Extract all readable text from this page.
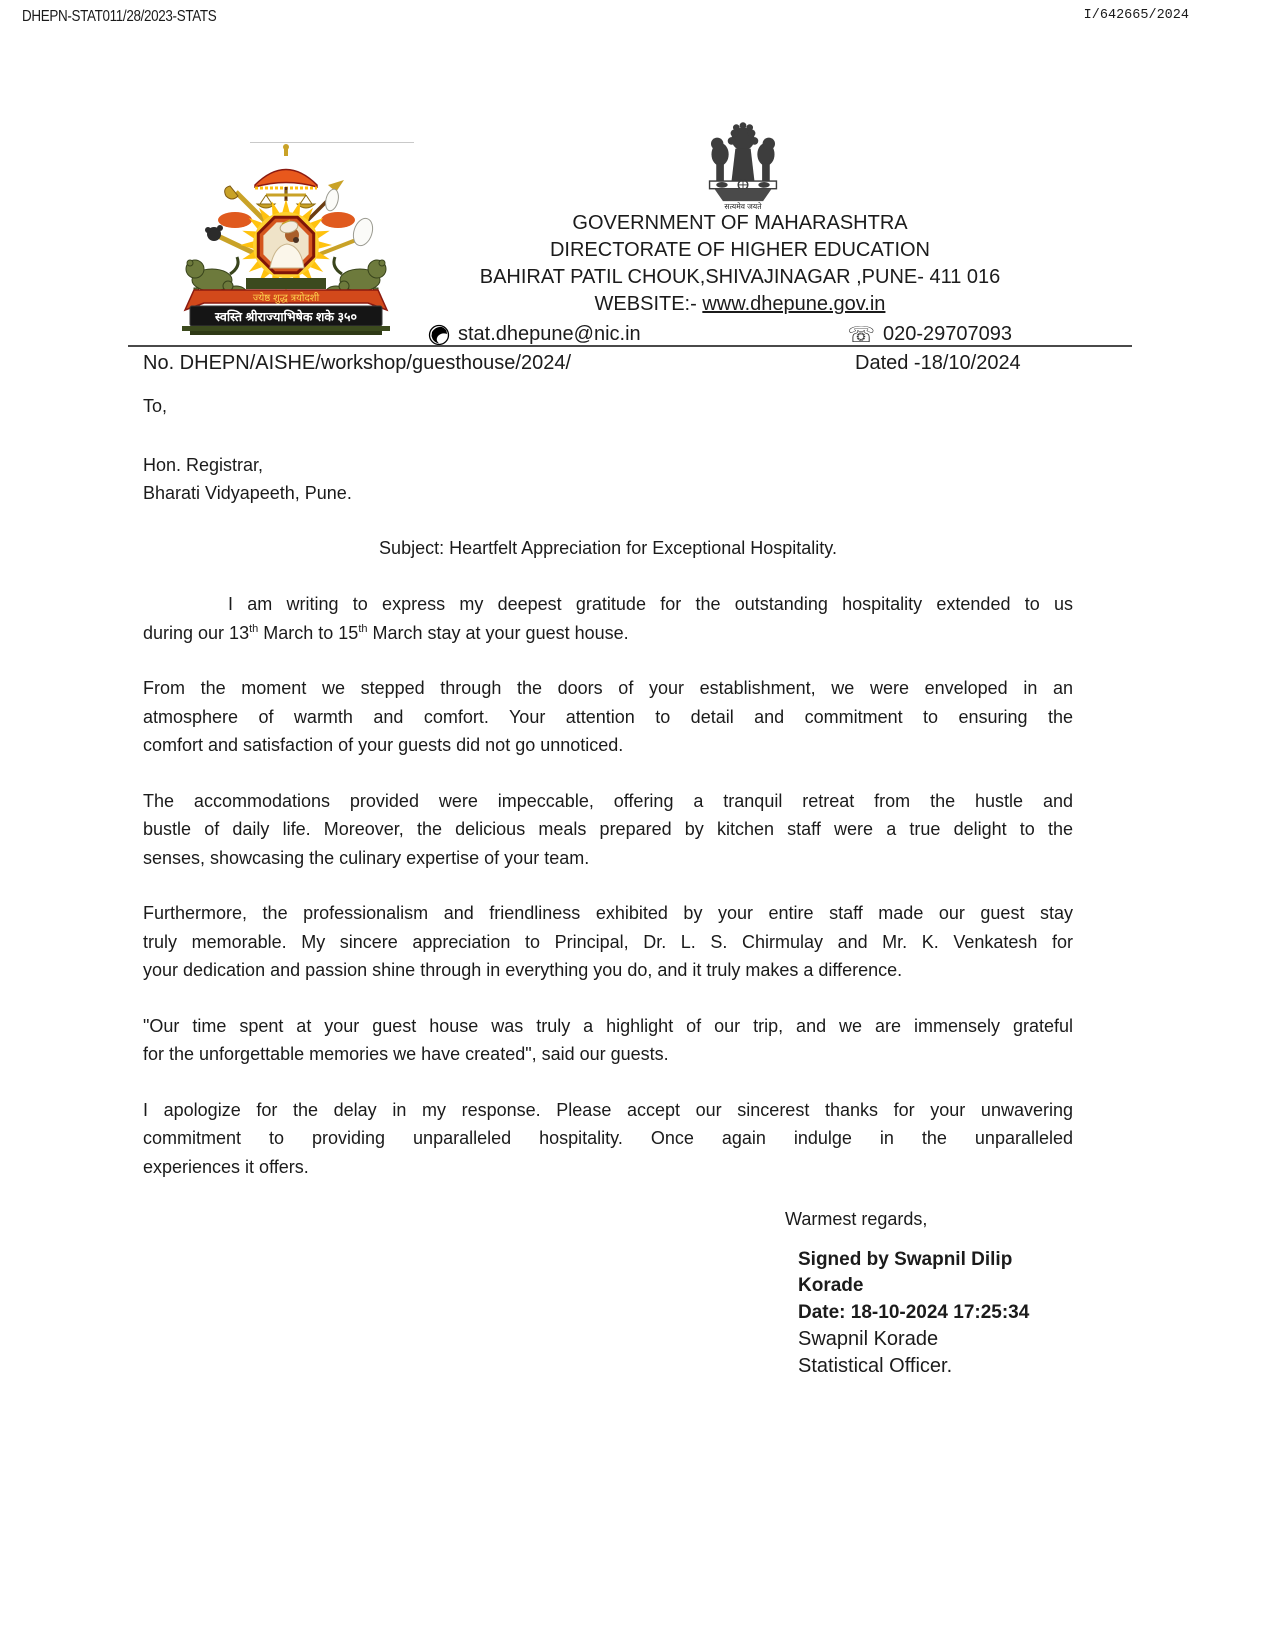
DHEPN-STAT011/28/2023-STATS	I/642665/2024
ज्येष्ठ शुद्ध त्रयोदशी
स्वस्ति श्रीराज्याभिषेक शके ३५०
सत्यमेव जयते
GOVERNMENT OF MAHARASHTRA
DIRECTORATE OF HIGHER EDUCATION
BAHIRAT PATIL CHOUK,SHIVAJINAGAR ,PUNE- 411 016
WEBSITE:- www.dhepune.gov.in
stat.dhepune@nic.in	☏ 020-29707093
No. DHEPN/AISHE/workshop/guesthouse/2024/	Dated -18/10/2024
To,
Hon. Registrar,
Bharati Vidyapeeth, Pune.
Subject: Heartfelt Appreciation for Exceptional Hospitality.
I am writing to express my deepest gratitude for the outstanding hospitality extended to us
during our 13th March to 15th March stay at your guest house.
From the moment we stepped through the doors of your establishment, we were enveloped in an
atmosphere of warmth and comfort. Your attention to detail and commitment to ensuring the
comfort and satisfaction of your guests did not go unnoticed.
The accommodations provided were impeccable, offering a tranquil retreat from the hustle and
bustle of daily life. Moreover, the delicious meals prepared by kitchen staff were a true delight to the
senses, showcasing the culinary expertise of your team.
Furthermore, the professionalism and friendliness exhibited by your entire staff made our guest stay
truly memorable. My sincere appreciation to Principal, Dr. L. S. Chirmulay and Mr. K. Venkatesh for
your dedication and passion shine through in everything you do, and it truly makes a difference.
"Our time spent at your guest house was truly a highlight of our trip, and we are immensely grateful
for the unforgettable memories we have created", said our guests.
I apologize for the delay in my response. Please accept our sincerest thanks for your unwavering
commitment to providing unparalleled hospitality. Once again indulge in the unparalleled
experiences it offers.
Warmest regards,
Signed by Swapnil Dilip
Korade
Date: 18-10-2024 17:25:34
Swapnil Korade
Statistical Officer.
